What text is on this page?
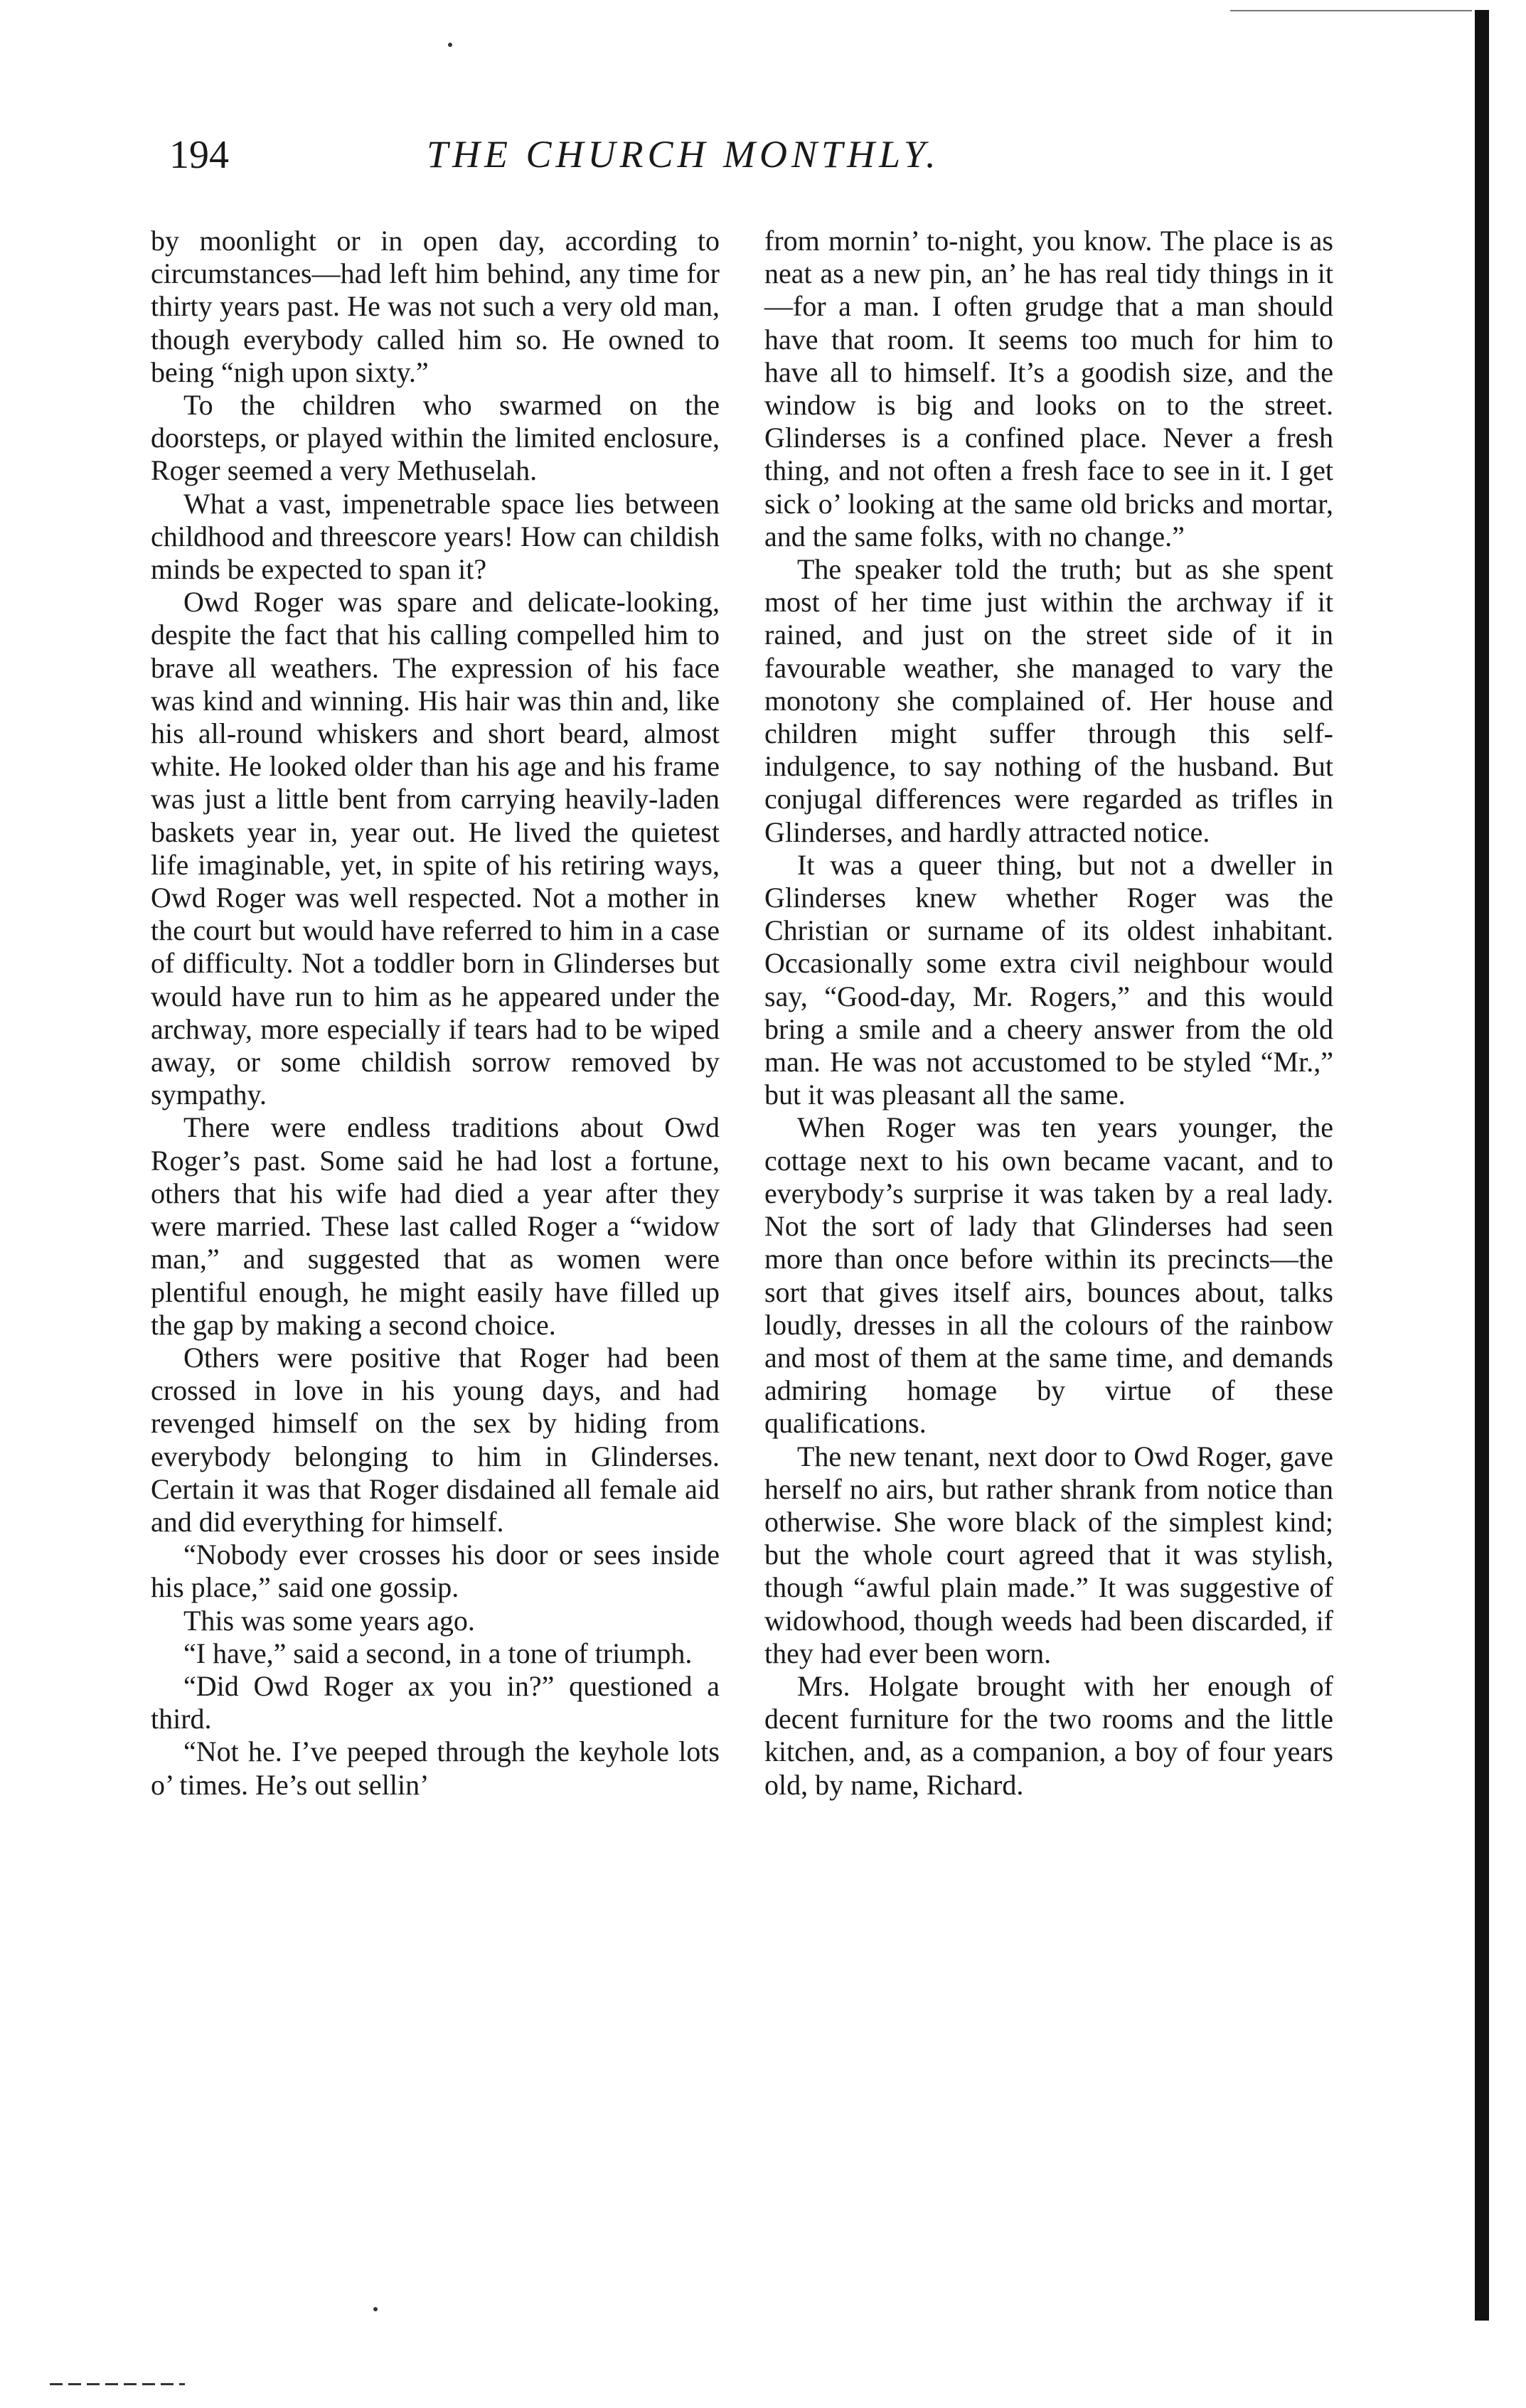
194	THE CHURCH MONTHLY.

by moonlight or in open day, according to circumstances—had left him behind, any time for thirty years past. He was not such a very old man, though everybody called him so. He owned to being “nigh upon sixty.”

To the children who swarmed on the doorsteps, or played within the limited enclosure, Roger seemed a very Methuselah.

What a vast, impenetrable space lies between childhood and threescore years! How can childish minds be expected to span it?

Owd Roger was spare and delicate-looking, despite the fact that his calling compelled him to brave all weathers. The expression of his face was kind and winning. His hair was thin and, like his all-round whiskers and short beard, almost white. He looked older than his age and his frame was just a little bent from carrying heavily-laden baskets year in, year out. He lived the quietest life imaginable, yet, in spite of his retiring ways, Owd Roger was well respected. Not a mother in the court but would have referred to him in a case of difficulty. Not a toddler born in Glinderses but would have run to him as he appeared under the archway, more especially if tears had to be wiped away, or some childish sorrow removed by sympathy.

There were endless traditions about Owd Roger’s past. Some said he had lost a fortune, others that his wife had died a year after they were married. These last called Roger a “widow man,” and suggested that as women were plentiful enough, he might easily have filled up the gap by making a second choice.

Others were positive that Roger had been crossed in love in his young days, and had revenged himself on the sex by hiding from everybody belonging to him in Glinderses. Certain it was that Roger disdained all female aid and did everything for himself.

“Nobody ever crosses his door or sees inside his place,” said one gossip.

This was some years ago.

“I have,” said a second, in a tone of triumph.

“Did Owd Roger ax you in?” questioned a third.

“Not he. I’ve peeped through the keyhole lots o’ times. He’s out sellin’

from mornin’ to-night, you know. The place is as neat as a new pin, an’ he has real tidy things in it—for a man. I often grudge that a man should have that room. It seems too much for him to have all to himself. It’s a goodish size, and the window is big and looks on to the street. Glinderses is a confined place. Never a fresh thing, and not often a fresh face to see in it. I get sick o’ looking at the same old bricks and mortar, and the same folks, with no change.”

The speaker told the truth; but as she spent most of her time just within the archway if it rained, and just on the street side of it in favourable weather, she managed to vary the monotony she complained of. Her house and children might suffer through this self-indulgence, to say nothing of the husband. But conjugal differences were regarded as trifles in Glinderses, and hardly attracted notice.

It was a queer thing, but not a dweller in Glinderses knew whether Roger was the Christian or surname of its oldest inhabitant. Occasionally some extra civil neighbour would say, “Good-day, Mr. Rogers,” and this would bring a smile and a cheery answer from the old man. He was not accustomed to be styled “Mr.,” but it was pleasant all the same.

When Roger was ten years younger, the cottage next to his own became vacant, and to everybody’s surprise it was taken by a real lady. Not the sort of lady that Glinderses had seen more than once before within its precincts—the sort that gives itself airs, bounces about, talks loudly, dresses in all the colours of the rainbow and most of them at the same time, and demands admiring homage by virtue of these qualifications.

The new tenant, next door to Owd Roger, gave herself no airs, but rather shrank from notice than otherwise. She wore black of the simplest kind; but the whole court agreed that it was stylish, though “awful plain made.” It was suggestive of widowhood, though weeds had been discarded, if they had ever been worn.

Mrs. Holgate brought with her enough of decent furniture for the two rooms and the little kitchen, and, as a companion, a boy of four years old, by name, Richard.
